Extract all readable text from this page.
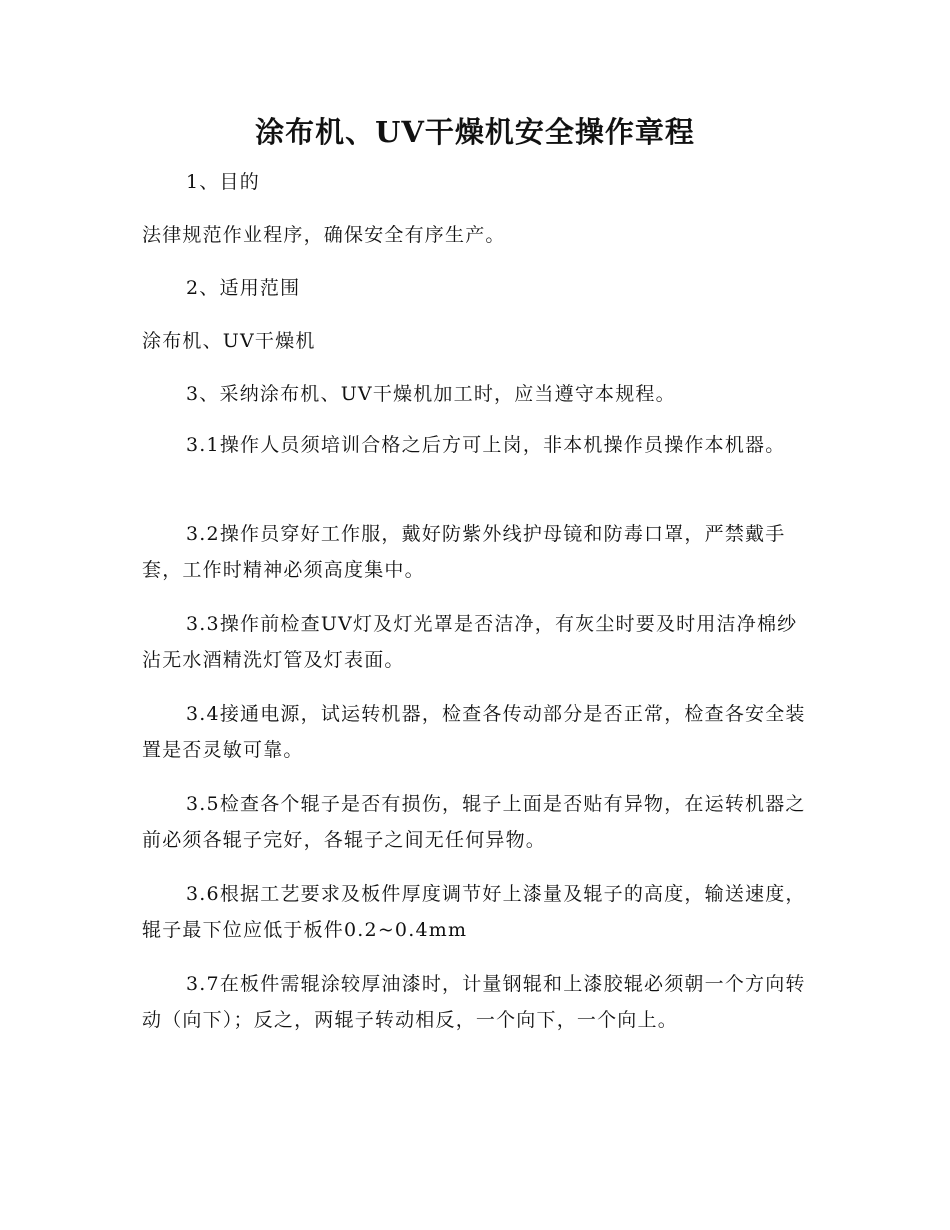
涂布机、UV干燥机安全操作章程

1、目的

法律规范作业程序，确保安全有序生产。

2、适用范围

涂布机、UV干燥机

3、采纳涂布机、UV干燥机加工时，应当遵守本规程。

3.1操作人员须培训合格之后方可上岗，非本机操作员操作本机器。

3.2操作员穿好工作服，戴好防紫外线护母镜和防毒口罩，严禁戴手套，工作时精神必须高度集中。

3.3操作前检查UV灯及灯光罩是否洁净，有灰尘时要及时用洁净棉纱沾无水酒精洗灯管及灯表面。

3.4接通电源，试运转机器，检查各传动部分是否正常，检查各安全装置是否灵敏可靠。

3.5检查各个辊子是否有损伤，辊子上面是否贴有异物，在运转机器之前必须各辊子完好，各辊子之间无任何异物。

3.6根据工艺要求及板件厚度调节好上漆量及辊子的高度，输送速度，辊子最下位应低于板件0.2~0.4mm

3.7在板件需辊涂较厚油漆时，计量钢辊和上漆胶辊必须朝一个方向转动（向下）；反之，两辊子转动相反，一个向下，一个向上。
